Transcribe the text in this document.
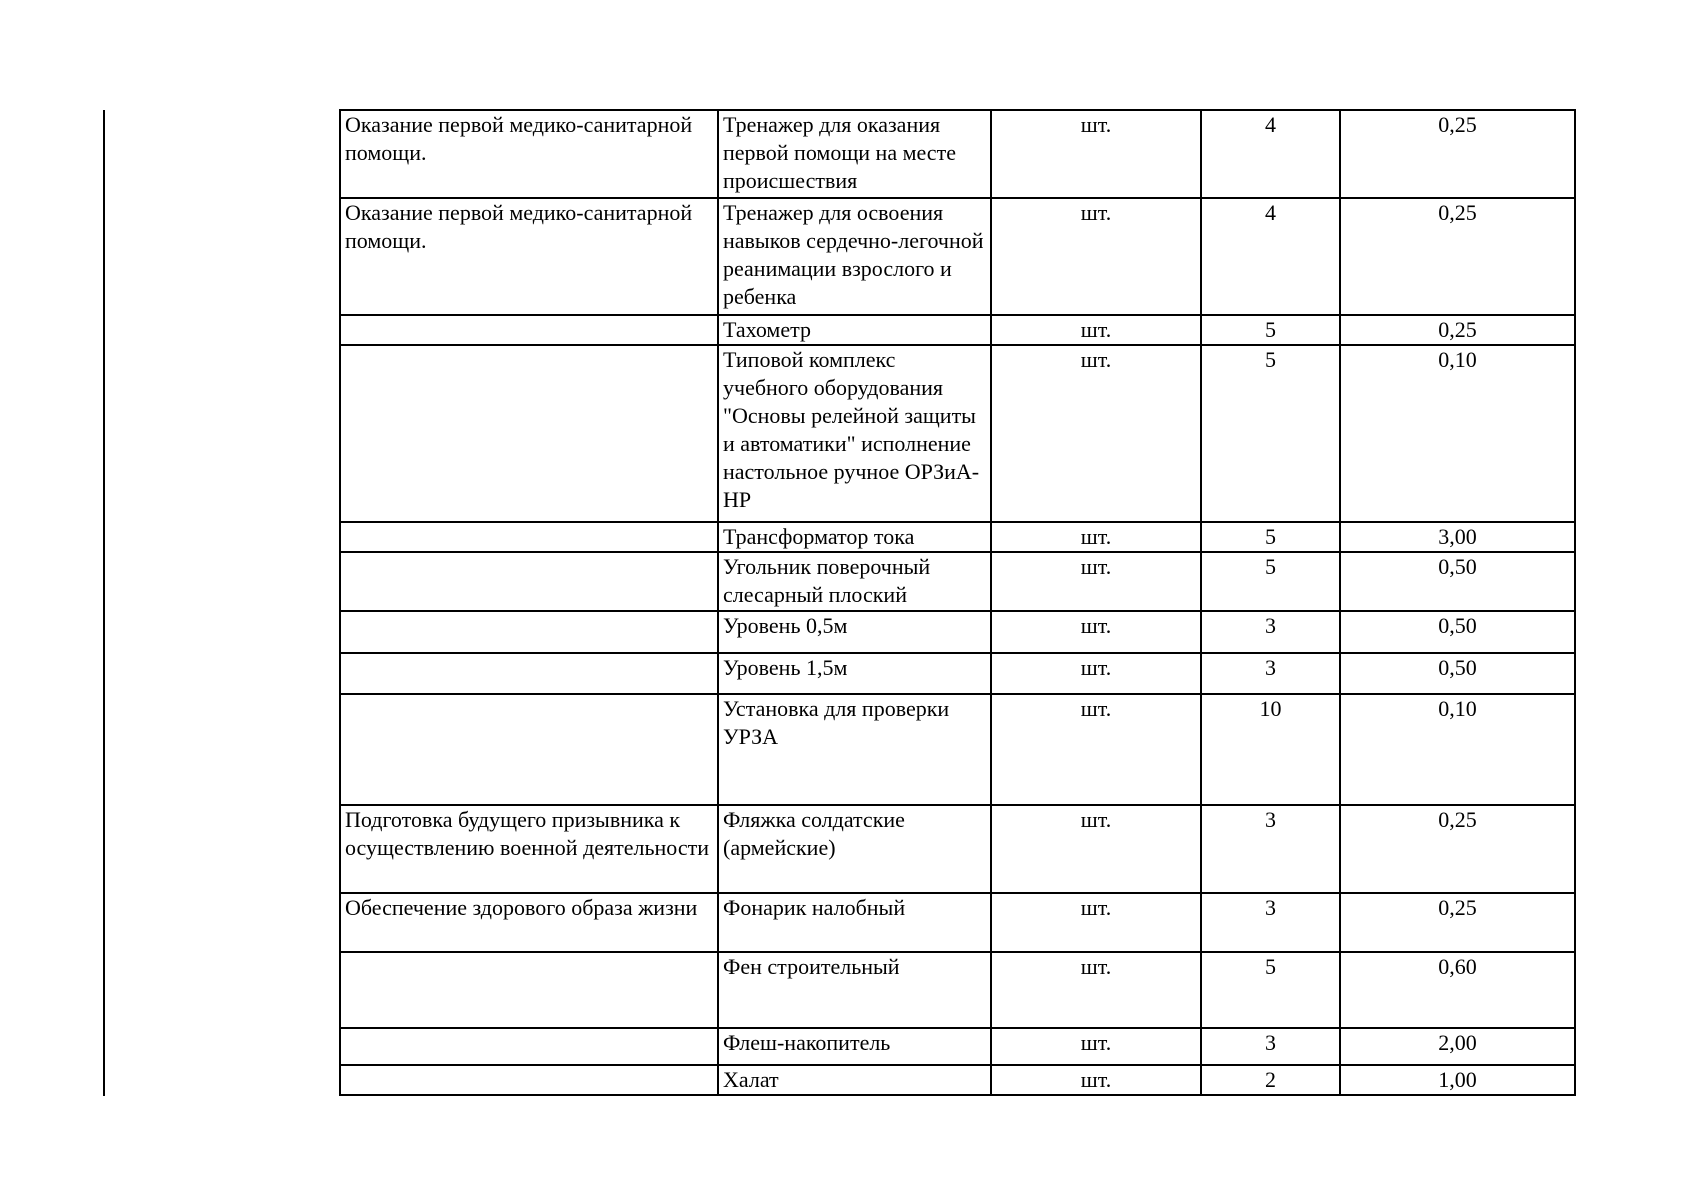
Оказание первой медико-санитарной помощи.	Тренажер для оказания первой помощи на месте происшествия	шт.	4	0,25
Оказание первой медико-санитарной помощи.	Тренажер для освоения навыков сердечно-легочной реанимации взрослого и ребенка	шт.	4	0,25
	Тахометр	шт.	5	0,25
	Типовой комплекс учебного оборудования "Основы релейной защиты и автоматики" исполнение настольное ручное ОРЗиА-НР	шт.	5	0,10
	Трансформатор тока	шт.	5	3,00
	Угольник поверочный слесарный плоский	шт.	5	0,50
	Уровень 0,5м	шт.	3	0,50
	Уровень 1,5м	шт.	3	0,50
	Установка для проверки УРЗА	шт.	10	0,10
Подготовка будущего призывника к осуществлению военной деятельности	Фляжка солдатские (армейские)	шт.	3	0,25
Обеспечение здорового образа жизни	Фонарик налобный	шт.	3	0,25
	Фен строительный	шт.	5	0,60
	Флеш-накопитель	шт.	3	2,00
	Халат	шт.	2	1,00
